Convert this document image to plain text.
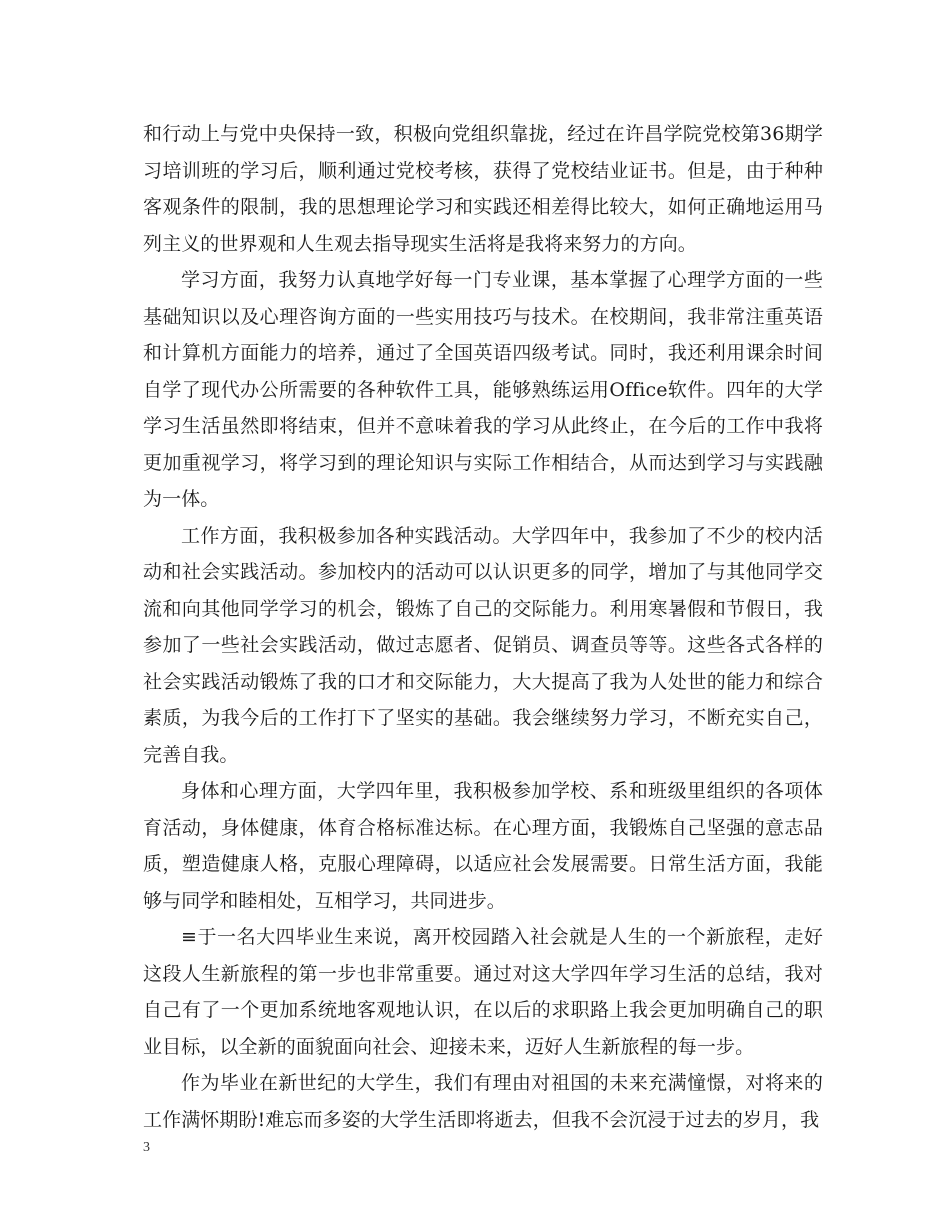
和行动上与党中央保持一致，积极向党组织靠拢，经过在许昌学院党校第36期学习培训班的学习后，顺利通过党校考核，获得了党校结业证书。但是，由于种种客观条件的限制，我的思想理论学习和实践还相差得比较大，如何正确地运用马列主义的世界观和人生观去指导现实生活将是我将来努力的方向。

学习方面，我努力认真地学好每一门专业课，基本掌握了心理学方面的一些基础知识以及心理咨询方面的一些实用技巧与技术。在校期间，我非常注重英语和计算机方面能力的培养，通过了全国英语四级考试。同时，我还利用课余时间自学了现代办公所需要的各种软件工具，能够熟练运用Office软件。四年的大学学习生活虽然即将结束，但并不意味着我的学习从此终止，在今后的工作中我将更加重视学习，将学习到的理论知识与实际工作相结合，从而达到学习与实践融为一体。

工作方面，我积极参加各种实践活动。大学四年中，我参加了不少的校内活动和社会实践活动。参加校内的活动可以认识更多的同学，增加了与其他同学交流和向其他同学学习的机会，锻炼了自己的交际能力。利用寒暑假和节假日，我参加了一些社会实践活动，做过志愿者、促销员、调查员等等。这些各式各样的社会实践活动锻炼了我的口才和交际能力，大大提高了我为人处世的能力和综合素质，为我今后的工作打下了坚实的基础。我会继续努力学习，不断充实自己，完善自我。

身体和心理方面，大学四年里，我积极参加学校、系和班级里组织的各项体育活动，身体健康，体育合格标准达标。在心理方面，我锻炼自己坚强的意志品质，塑造健康人格，克服心理障碍，以适应社会发展需要。日常生活方面，我能够与同学和睦相处，互相学习，共同进步。

≡于一名大四毕业生来说，离开校园踏入社会就是人生的一个新旅程，走好这段人生新旅程的第一步也非常重要。通过对这大学四年学习生活的总结，我对自己有了一个更加系统地客观地认识，在以后的求职路上我会更加明确自己的职业目标，以全新的面貌面向社会、迎接未来，迈好人生新旅程的每一步。

作为毕业在新世纪的大学生，我们有理由对祖国的未来充满憧憬，对将来的工作满怀期盼!难忘而多姿的大学生活即将逝去，但我不会沉浸于过去的岁月，我

3
